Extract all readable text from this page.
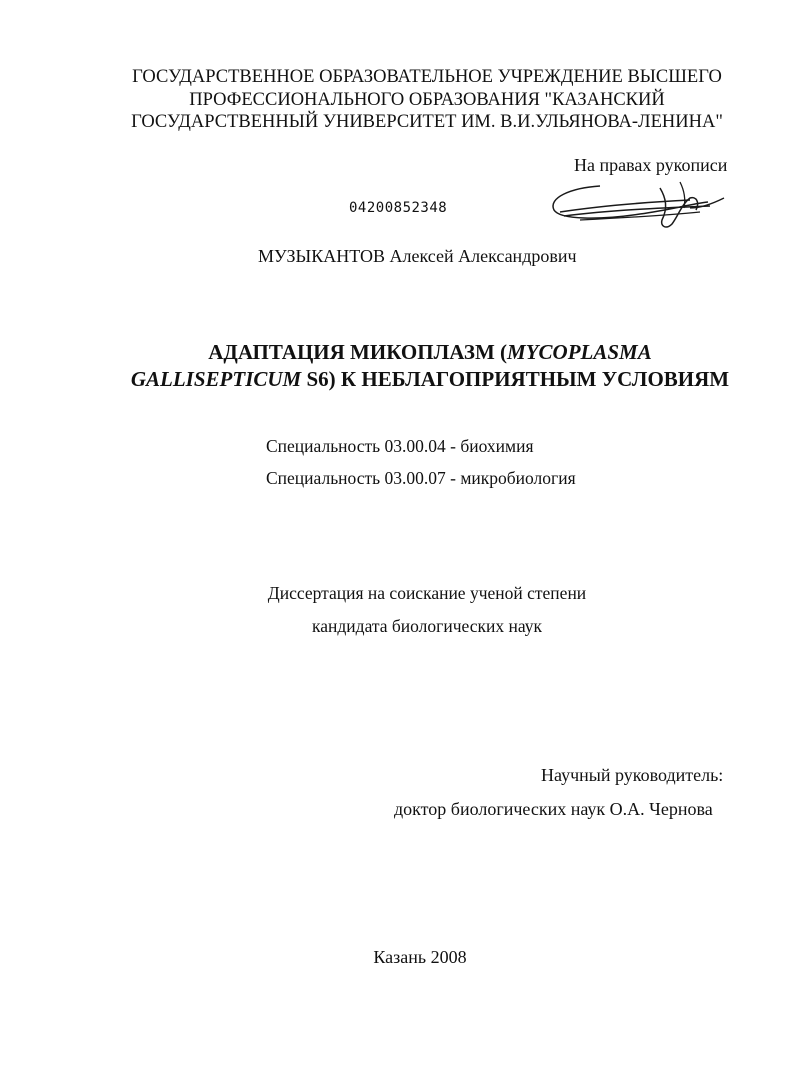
ГОСУДАРСТВЕННОЕ ОБРАЗОВАТЕЛЬНОЕ УЧРЕЖДЕНИЕ ВЫСШЕГО
ПРОФЕССИОНАЛЬНОГО ОБРАЗОВАНИЯ "КАЗАНСКИЙ
ГОСУДАРСТВЕННЫЙ УНИВЕРСИТЕТ ИМ. В.И.УЛЬЯНОВА-ЛЕНИНА"
На правах рукописи
04200852348
МУЗЫКАНТОВ Алексей Александрович
АДАПТАЦИЯ МИКОПЛАЗМ (MYCOPLASMA
GALLISEPTICUM S6) К НЕБЛАГОПРИЯТНЫМ УСЛОВИЯМ
Специальность 03.00.04 - биохимия
Специальность 03.00.07 - микробиология
Диссертация на соискание ученой степени
кандидата биологических наук
Научный руководитель:
доктор биологических наук О.А. Чернова
Казань 2008
